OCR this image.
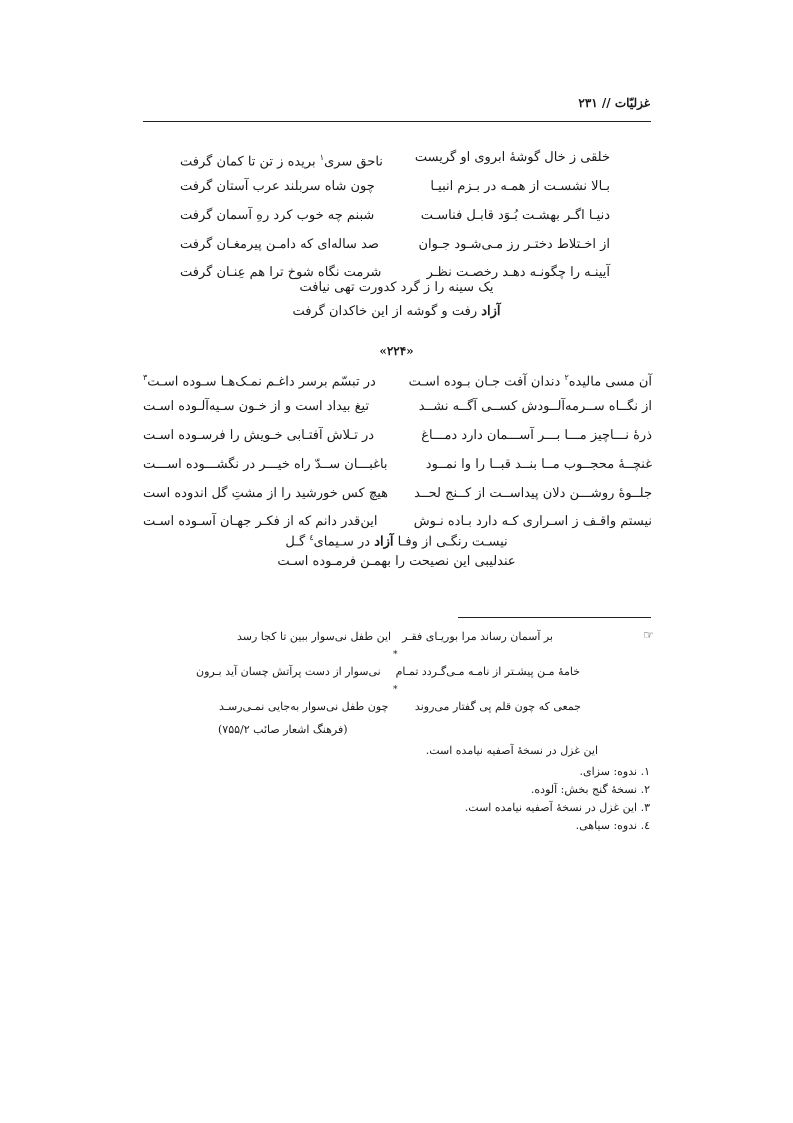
غزلیّات // ۲۳۱
خلقی ز خال گوشهٔ ابروی او گریست
ناحق سری$^۱$ بریده ز تن تا کمان گرفت
بـالا نشسـت از همـه در بـزم انبیـا
چون شاه سربلند عرب آستان گرفت
دنیـا اگـر بهشـت بُـوَد قابـل فناسـت
شبنم چه خوب کرد رهِ آسمان گرفت
از اخـتلاط دختـر رز مـی‌شـود جـوان
صد ساله‌ای که دامـن پیرمغـان گرفت
آیینـه را چگونـه دهـد رخصـت نظـر
شرمت نگاه شوخ ترا هم عِنـان گرفت
یک سینه را ز گرد کدورت تهی نیافت
آزاد رفت و گوشه از این خاکدان گرفت
«۲۲۴»
آن مسی مالیده$^۲$ دندان آفت جـان بـوده اسـت
در تبسّم برسر داغـم نمـک‌هـا سـوده اسـت$^۳$
از نگــاه ســرمه‌آلــودش کســی آگــه نشــد
تیغ بیداد است و از خـون سـیه‌آلـوده اسـت
ذرهٔ نـــاچیز مـــا بـــر آســـمان دارد دمـــاغ
در تـلاش آفتـابی خـویش را فرسـوده اسـت
غنچــهٔ محجــوب مــا بنــد قبــا را وا نمــود
باغبـــان ســدّ راه خیـــر در نگشـــوده اســـت
جلــوهٔ روشـــن دلان پیداســت از کــنج لحــد
هیچ کس خورشید را از مشتِ گل اندوده است
نیستم واقـف ز اسـراری کـه دارد بـاده نـوش
این‌قدر دانم که از فکـر جهـان آسـوده اسـت
نیسـت رنگـی از وفـا آزاد در سـیمای$^٤$ گـل
عندلیبی این نصیحت را بهمـن فرمـوده اسـت
☞
بر آسمان رساند مرا بوریـای فقـر
این طفل نی‌سوار ببین تا کجا رسد
*
خامهٔ مـن پیشـتر از نامـه مـی‌گـردد تمـام
نی‌سوار از دست پرآتش چسان آید بـرون
*
جمعی که چون قلم پی گفتار می‌روند
چون طفل نی‌سوار به‌جایی نمـی‌رسـد
(فرهنگ اشعار صائب ۷۵۵/۲)
این غزل در نسخهٔ آصفیه نیامده است.
۱. ندوه: سزای.
۲. نسخهٔ گنج بخش: آلوده.
۳. این غزل در نسخهٔ آصفیه نیامده است.
٤. ندوه: سیاهی.
